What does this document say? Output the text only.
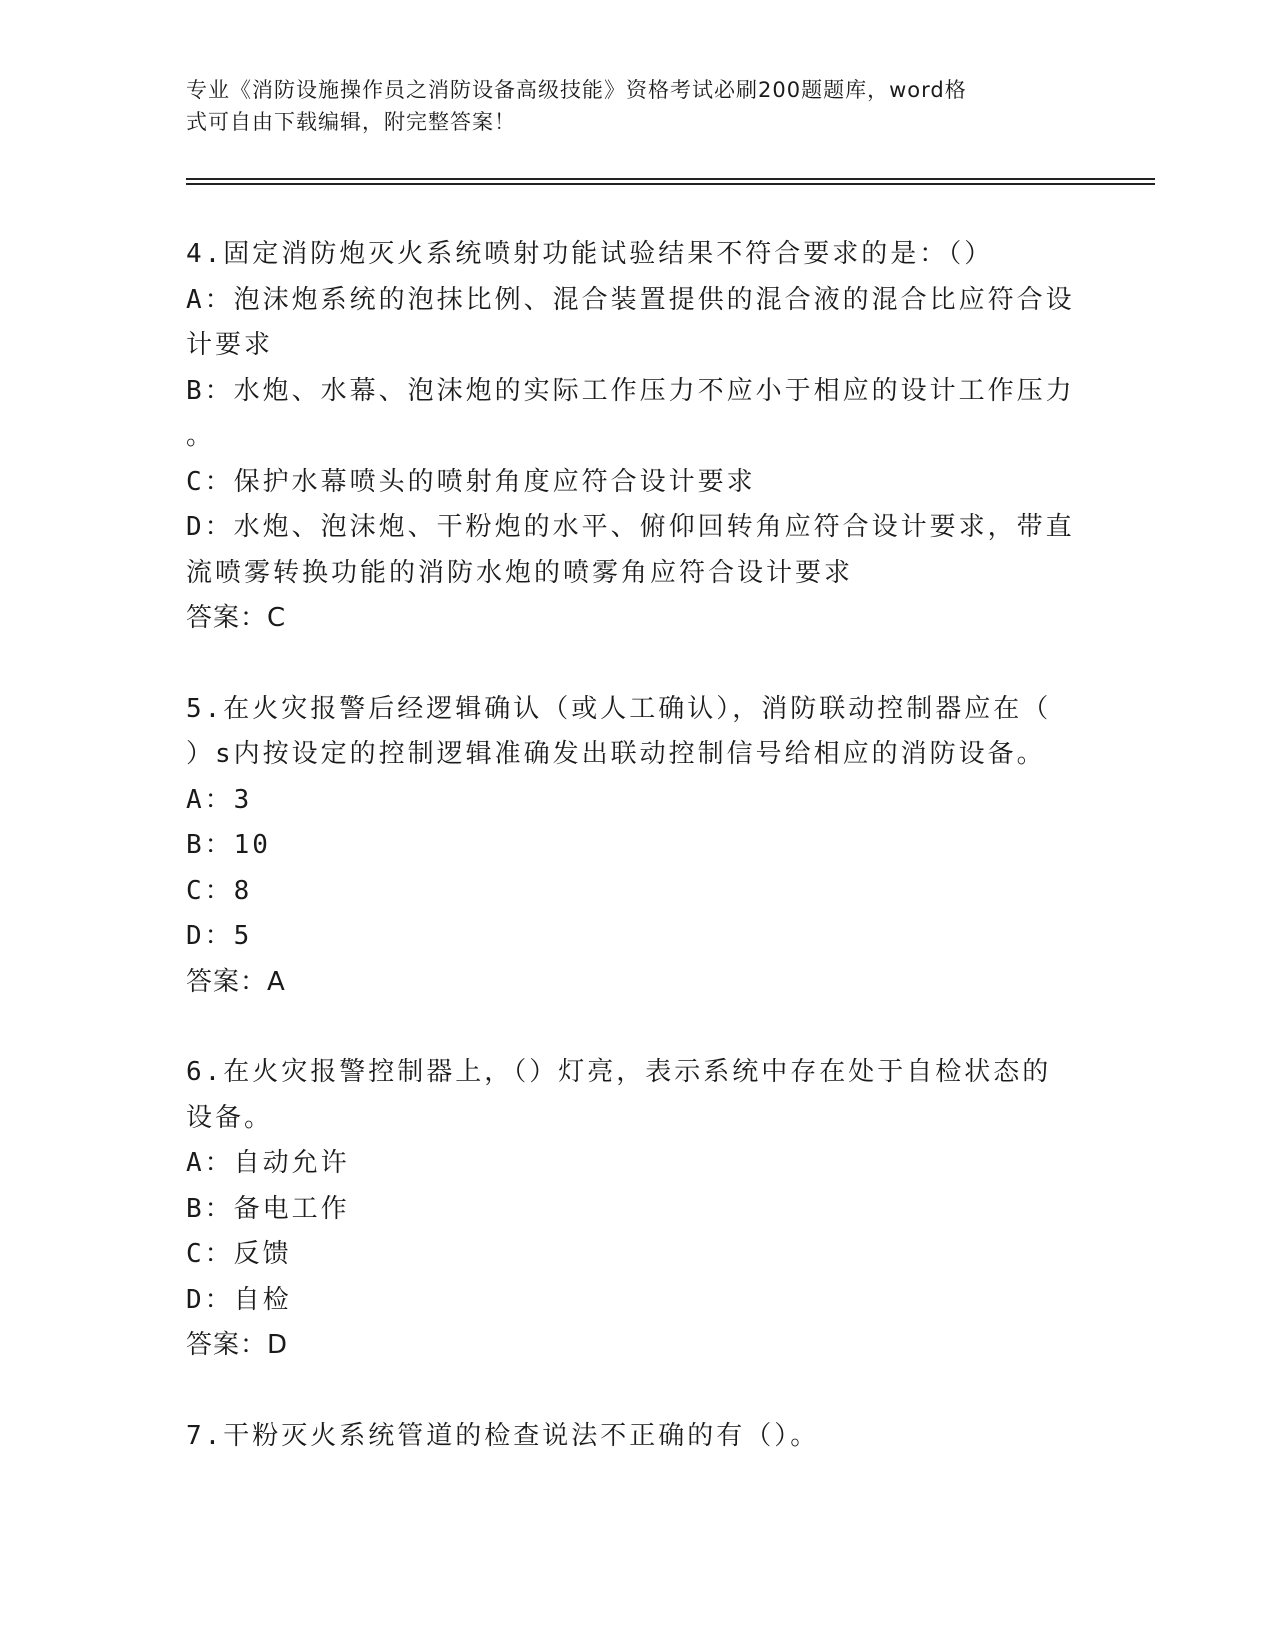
专业《消防设施操作员之消防设备高级技能》资格考试必刷200题题库，word格
式可自由下载编辑，附完整答案！
4.固定消防炮灭火系统喷射功能试验结果不符合要求的是：（）
A：泡沫炮系统的泡抹比例、混合装置提供的混合液的混合比应符合设
计要求
B：水炮、水幕、泡沫炮的实际工作压力不应小于相应的设计工作压力
。
C：保护水幕喷头的喷射角度应符合设计要求
D：水炮、泡沫炮、干粉炮的水平、俯仰回转角应符合设计要求，带直
流喷雾转换功能的消防水炮的喷雾角应符合设计要求
答案：C
5.在火灾报警后经逻辑确认（或人工确认），消防联动控制器应在（
）s内按设定的控制逻辑准确发出联动控制信号给相应的消防设备。
A：3
B：10
C：8
D：5
答案：A
6.在火灾报警控制器上，（）灯亮，表示系统中存在处于自检状态的
设备。
A：自动允许
B：备电工作
C：反馈
D：自检
答案：D
7.干粉灭火系统管道的检查说法不正确的有（）。
